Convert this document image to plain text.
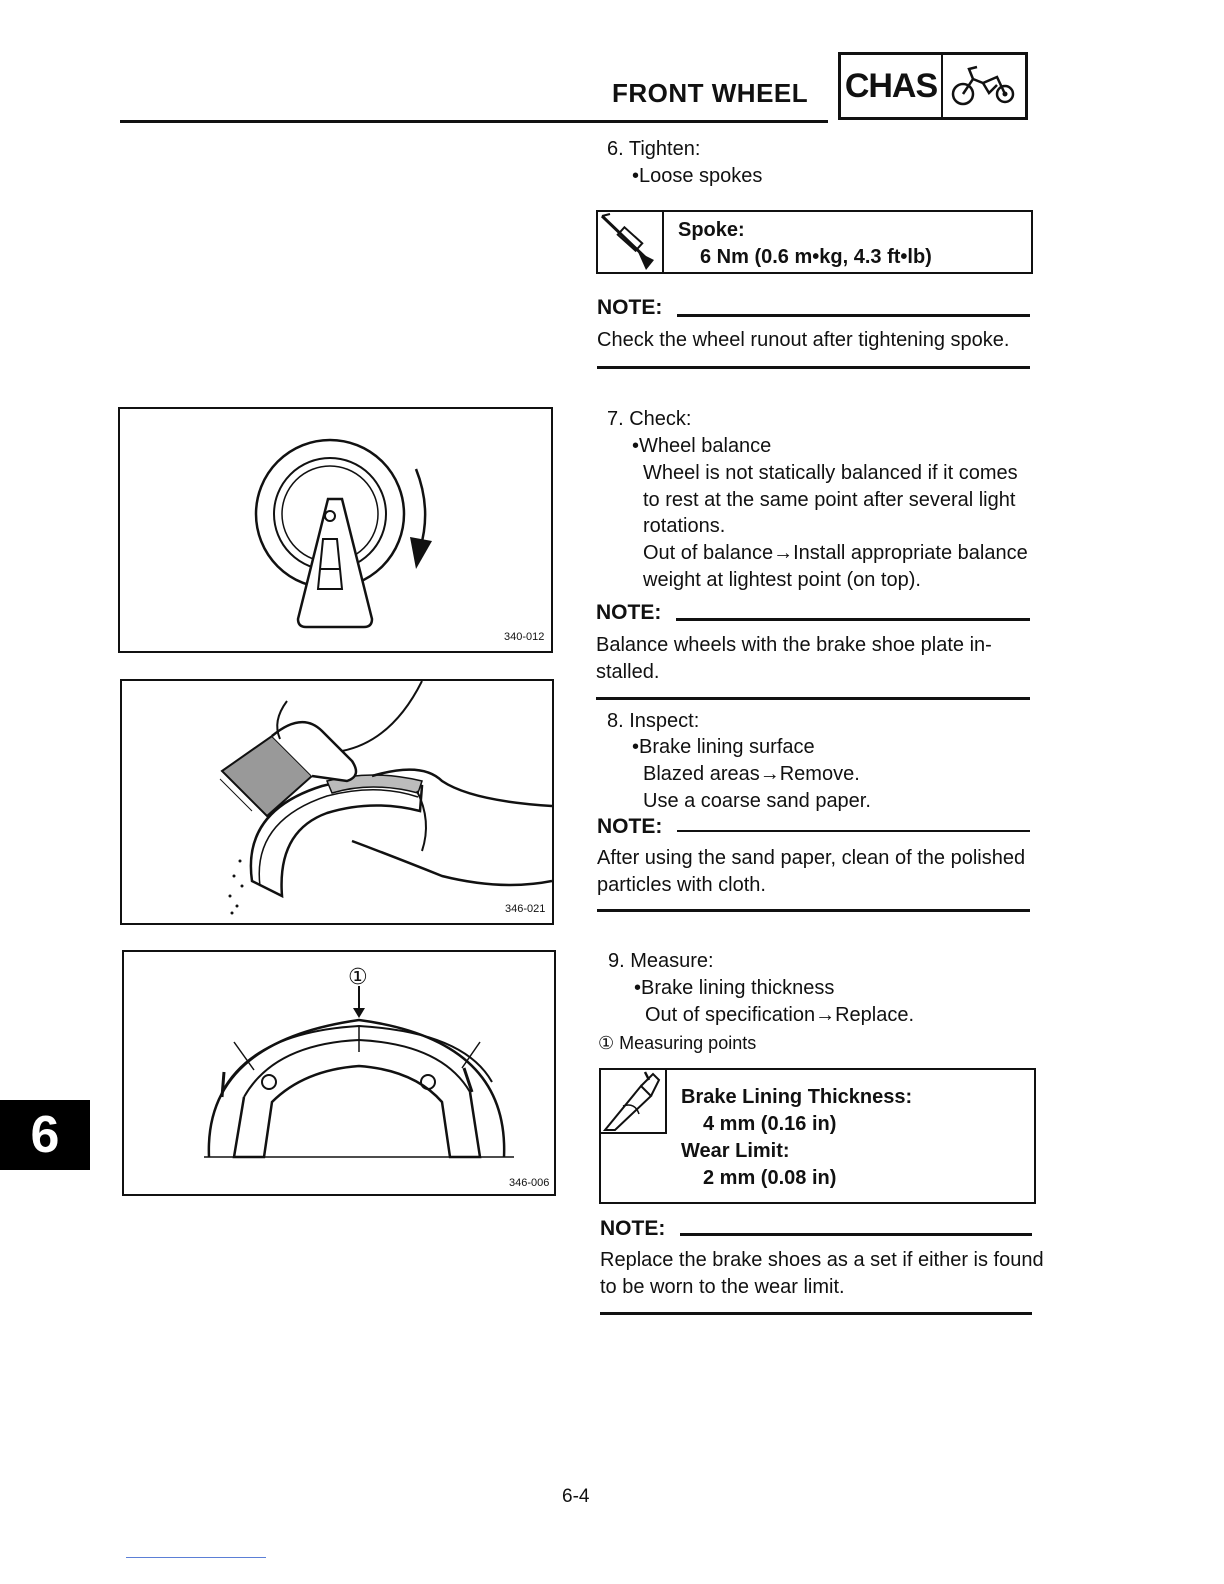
FRONT WHEEL CHAS
6. Tighten:
•Loose spokes
Spoke:
6 Nm (0.6 m•kg, 4.3 ft•lb)
NOTE:
Check the wheel runout after tightening spoke.
340-012
7. Check:
•Wheel balance
Wheel is not statically balanced if it comes
to rest at the same point after several light
rotations.
Out of balance→Install appropriate balance
weight at lightest point (on top).
NOTE:
Balance wheels with the brake shoe plate in-
stalled.
346-021
8. Inspect:
•Brake lining surface
Blazed areas→Remove.
Use a coarse sand paper.
NOTE:
After using the sand paper, clean of the polished
particles with cloth.
①
346-006
9. Measure:
•Brake lining thickness
Out of specification→Replace.
① Measuring points
Brake Lining Thickness:
4 mm (0.16 in)
Wear Limit:
2 mm (0.08 in)
NOTE:
Replace the brake shoes as a set if either is found
to be worn to the wear limit.
6
6-4
